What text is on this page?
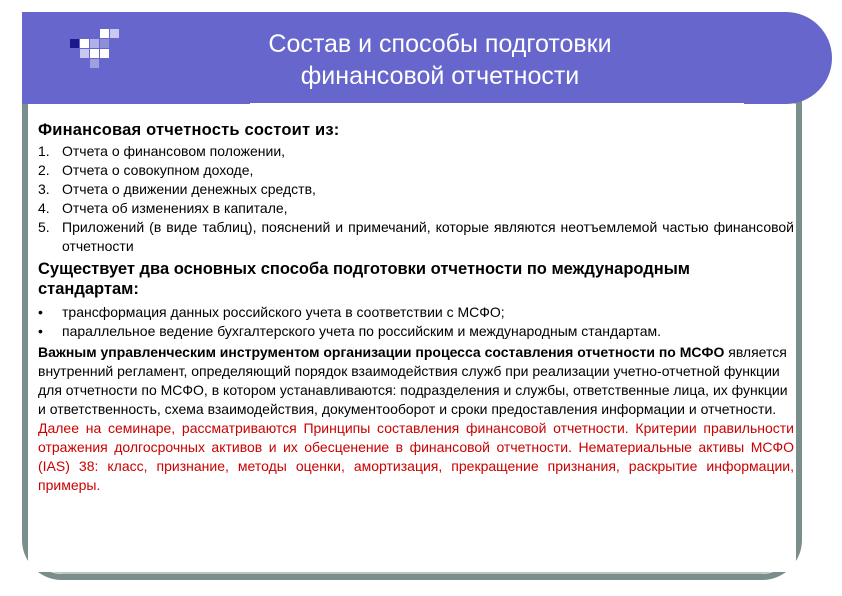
Состав и способы подготовки
финансовой отчетности

Финансовая отчетность состоит из:

1. Отчета о финансовом положении,
2. Отчета о совокупном доходе,
3. Отчета о движении денежных средств,
4. Отчета об изменениях в капитале,
5. Приложений (в виде таблиц), пояснений и примечаний, которые являются неотъемлемой частью финансовой отчетности

Существует два основных способа подготовки отчетности по международным стандартам:

• трансформация данных российского учета в соответствии с МСФО;
• параллельное ведение бухгалтерского учета по российским и международным стандартам.

Важным управленческим инструментом организации процесса составления отчетности по МСФО является внутренний регламент, определяющий порядок взаимодействия служб при реализации учетно-отчетной функции для отчетности по МСФО, в котором устанавливаются: подразделения и службы, ответственные лица, их функции и ответственность, схема взаимодействия, документооборот и сроки предоставления информации и отчетности.

Далее на семинаре, рассматриваются Принципы составления финансовой отчетности. Критерии правильности отражения долгосрочных активов и их обесценение в финансовой отчетности. Нематериальные активы МСФО (IAS) 38: класс, признание, методы оценки, амортизация, прекращение признания, раскрытие информации, примеры.
